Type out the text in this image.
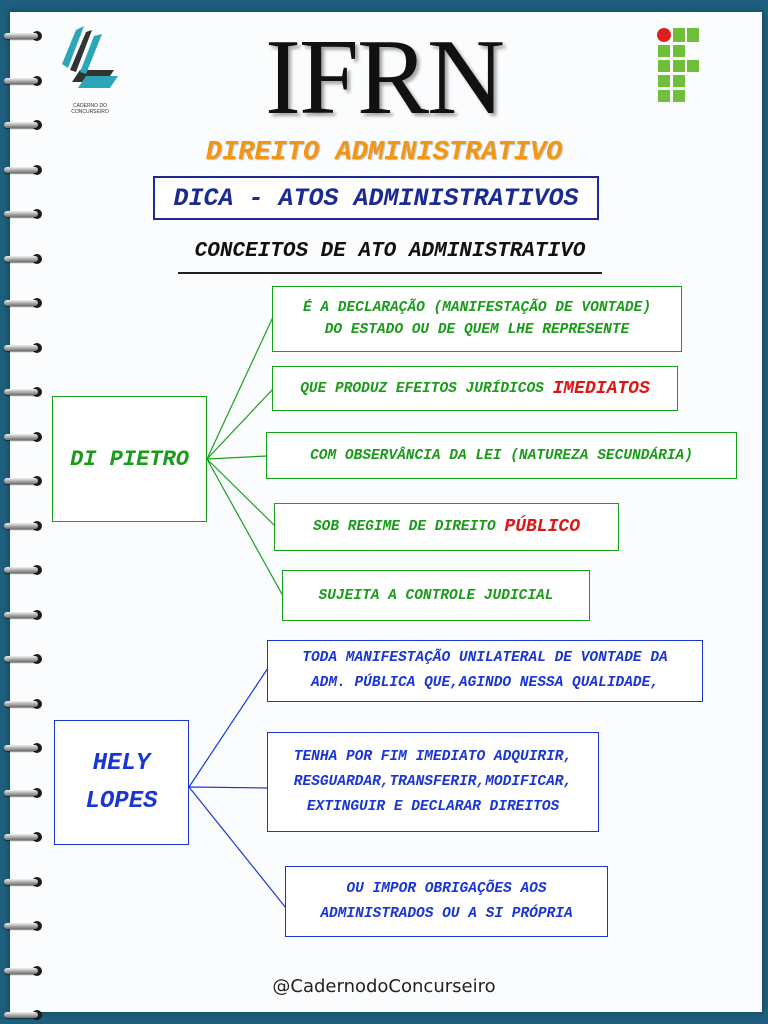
CADERNO DO
CONCURSEIRO	IFRN
DIREITO ADMINISTRATIVO
DICA - ATOS ADMINISTRATIVOS
CONCEITOS DE ATO ADMINISTRATIVO
DI PIETRO
É A DECLARAÇÃO (MANIFESTAÇÃO DE VONTADE)
DO ESTADO OU DE QUEM LHE REPRESENTE
QUE PRODUZ EFEITOS JURÍDICOS
IMEDIATOS
COM OBSERVÂNCIA DA LEI (NATUREZA SECUNDÁRIA)
SOB REGIME DE DIREITO
PÚBLICO
SUJEITA A CONTROLE JUDICIAL
HELY
LOPES
TODA MANIFESTAÇÃO UNILATERAL DE VONTADE DA
ADM. PÚBLICA QUE,AGINDO NESSA QUALIDADE,
TENHA POR FIM IMEDIATO ADQUIRIR,
RESGUARDAR,TRANSFERIR,MODIFICAR,
EXTINGUIR E DECLARAR DIREITOS
OU IMPOR OBRIGAÇÕES AOS
ADMINISTRADOS OU A SI PRÓPRIA
@CadernodoConcurseiro
